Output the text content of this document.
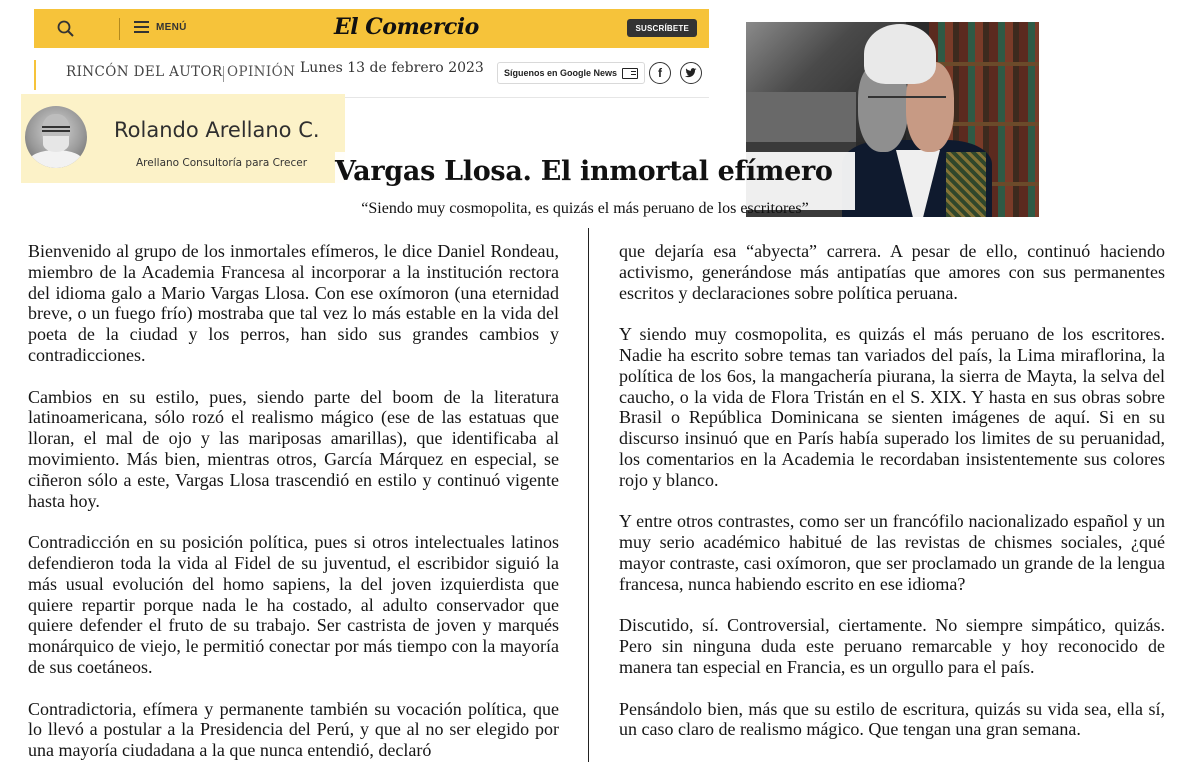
MENÚ	El Comercio	SUSCRÍBETE
RINCÓN DEL AUTOR OPINIÓN Lunes 13 de febrero 2023 Síguenos en Google News	f
Rolando Arellano C.
Arellano Consultoría para Crecer Vargas Llosa. El inmortal efímero
“Siendo muy cosmopolita, es quizás el más peruano de los escritores”

Bienvenido al grupo de los inmortales efímeros, le dice Daniel Rondeau, miembro de la Academia Francesa al incorporar a la institución rectora del idioma galo a Mario Vargas Llosa. Con ese oxímoron (una eternidad breve, o un fuego frío) mostraba que tal vez lo más estable en la vida del poeta de la ciudad y los perros, han sido sus grandes cambios y contradicciones.

Cambios en su estilo, pues, siendo parte del boom de la literatura latinoamericana, sólo rozó el realismo mágico (ese de las estatuas que lloran, el mal de ojo y las mariposas amarillas), que identificaba al movimiento. Más bien, mientras otros, García Márquez en especial, se ciñeron sólo a este, Vargas Llosa trascendió en estilo y continuó vigente hasta hoy.

Contradicción en su posición política, pues si otros intelectuales latinos defendieron toda la vida al Fidel de su juventud, el escribidor siguió la más usual evolución del homo sapiens, la del joven izquierdista que quiere repartir porque nada le ha costado, al adulto conservador que quiere defender el fruto de su trabajo. Ser castrista de joven y marqués monárquico de viejo, le permitió conectar por más tiempo con la mayoría de sus coetáneos.

Contradictoria, efímera y permanente también su vocación política, que lo llevó a postular a la Presidencia del Perú, y que al no ser elegido por una mayoría ciudadana a la que nunca entendió, declaró

que dejaría esa “abyecta” carrera. A pesar de ello, continuó haciendo activismo, generándose más antipatías que amores con sus permanentes escritos y declaraciones sobre política peruana.

Y siendo muy cosmopolita, es quizás el más peruano de los escritores. Nadie ha escrito sobre temas tan variados del país, la Lima miraflorina, la política de los 6os, la mangachería piurana, la sierra de Mayta, la selva del caucho, o la vida de Flora Tristán en el S. XIX. Y hasta en sus obras sobre Brasil o República Dominicana se sienten imágenes de aquí. Si en su discurso insinuó que en París había superado los limites de su peruanidad, los comentarios en la Academia le recordaban insistentemente sus colores rojo y blanco.

Y entre otros contrastes, como ser un francófilo nacionalizado español y un muy serio académico habitué de las revistas de chismes sociales, ¿qué mayor contraste, casi oxímoron, que ser proclamado un grande de la lengua francesa, nunca habiendo escrito en ese idioma?

Discutido, sí. Controversial, ciertamente. No siempre simpático, quizás. Pero sin ninguna duda este peruano remarcable y hoy reconocido de manera tan especial en Francia, es un orgullo para el país.

Pensándolo bien, más que su estilo de escritura, quizás su vida sea, ella sí, un caso claro de realismo mágico. Que tengan una gran semana.
